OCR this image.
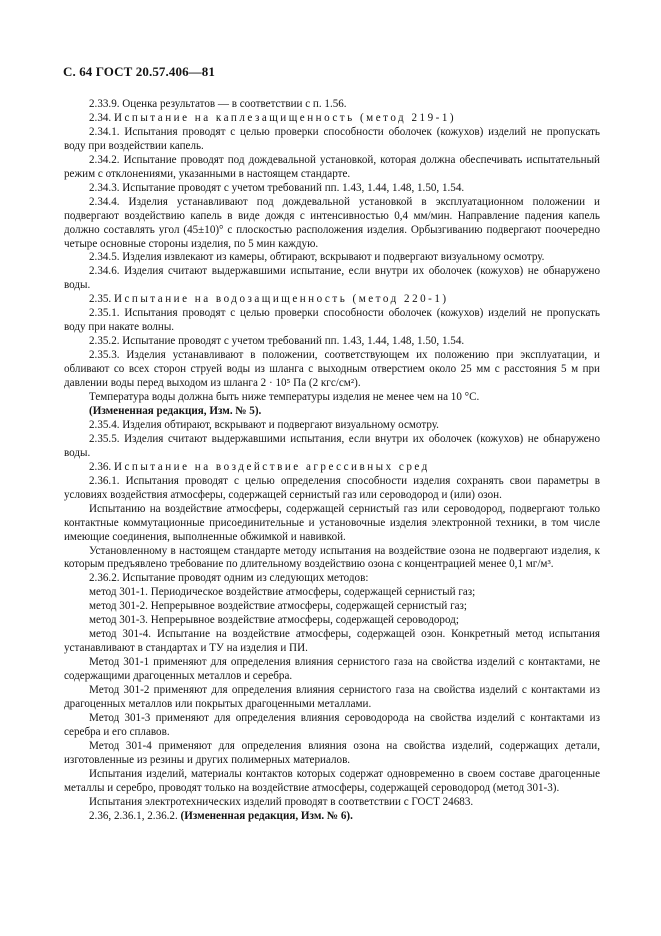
С. 64 ГОСТ 20.57.406—81

2.33.9. Оценка результатов — в соответствии с п. 1.56.

2.34. Испытание на каплезащищенность (метод 219-1)

2.34.1. Испытания проводят с целью проверки способности оболочек (кожухов) изделий не пропускать воду при воздействии капель.

2.34.2. Испытание проводят под дождевальной установкой, которая должна обеспечивать испытательный режим с отклонениями, указанными в настоящем стандарте.

2.34.3. Испытание проводят с учетом требований пп. 1.43, 1.44, 1.48, 1.50, 1.54.

2.34.4. Изделия устанавливают под дождевальной установкой в эксплуатационном положении и подвергают воздействию капель в виде дождя с интенсивностью 0,4 мм/мин. Направление падения капель должно составлять угол (45±10)° с плоскостью расположения изделия. Орбызгиванию подвергают поочередно четыре основные стороны изделия, по 5 мин каждую.

2.34.5. Изделия извлекают из камеры, обтирают, вскрывают и подвергают визуальному осмотру.

2.34.6. Изделия считают выдержавшими испытание, если внутри их оболочек (кожухов) не обнаружено воды.

2.35. Испытание на водозащищенность (метод 220-1)

2.35.1. Испытания проводят с целью проверки способности оболочек (кожухов) изделий не пропускать воду при накате волны.

2.35.2. Испытание проводят с учетом требований пп. 1.43, 1.44, 1.48, 1.50, 1.54.

2.35.3. Изделия устанавливают в положении, соответствующем их положению при эксплуатации, и обливают со всех сторон струей воды из шланга с выходным отверстием около 25 мм с расстояния 5 м при давлении воды перед выходом из шланга 2 · 10⁵ Па (2 кгс/см²).

Температура воды должна быть ниже температуры изделия не менее чем на 10 °С.

(Измененная редакция, Изм. № 5).

2.35.4. Изделия обтирают, вскрывают и подвергают визуальному осмотру.

2.35.5. Изделия считают выдержавшими испытания, если внутри их оболочек (кожухов) не обнаружено воды.

2.36. Испытание на воздействие агрессивных сред

2.36.1. Испытания проводят с целью определения способности изделия сохранять свои параметры в условиях воздействия атмосферы, содержащей сернистый газ или сероводород и (или) озон.

Испытанию на воздействие атмосферы, содержащей сернистый газ или сероводород, подвергают только контактные коммутационные присоединительные и установочные изделия электронной техники, в том числе имеющие соединения, выполненные обжимкой и навивкой.

Установленному в настоящем стандарте методу испытания на воздействие озона не подвергают изделия, к которым предъявлено требование по длительному воздействию озона с концентрацией менее 0,1 мг/м³.

2.36.2. Испытание проводят одним из следующих методов:

метод 301-1. Периодическое воздействие атмосферы, содержащей сернистый газ;

метод 301-2. Непрерывное воздействие атмосферы, содержащей сернистый газ;

метод 301-3. Непрерывное воздействие атмосферы, содержащей сероводород;

метод 301-4. Испытание на воздействие атмосферы, содержащей озон. Конкретный метод испытания устанавливают в стандартах и ТУ на изделия и ПИ.

Метод 301-1 применяют для определения влияния сернистого газа на свойства изделий с контактами, не содержащими драгоценных металлов и серебра.

Метод 301-2 применяют для определения влияния сернистого газа на свойства изделий с контактами из драгоценных металлов или покрытых драгоценными металлами.

Метод 301-3 применяют для определения влияния сероводорода на свойства изделий с контактами из серебра и его сплавов.

Метод 301-4 применяют для определения влияния озона на свойства изделий, содержащих детали, изготовленные из резины и других полимерных материалов.

Испытания изделий, материалы контактов которых содержат одновременно в своем составе драгоценные металлы и серебро, проводят только на воздействие атмосферы, содержащей сероводород (метод 301-3).

Испытания электротехнических изделий проводят в соответствии с ГОСТ 24683.

2.36, 2.36.1, 2.36.2. (Измененная редакция, Изм. № 6).
